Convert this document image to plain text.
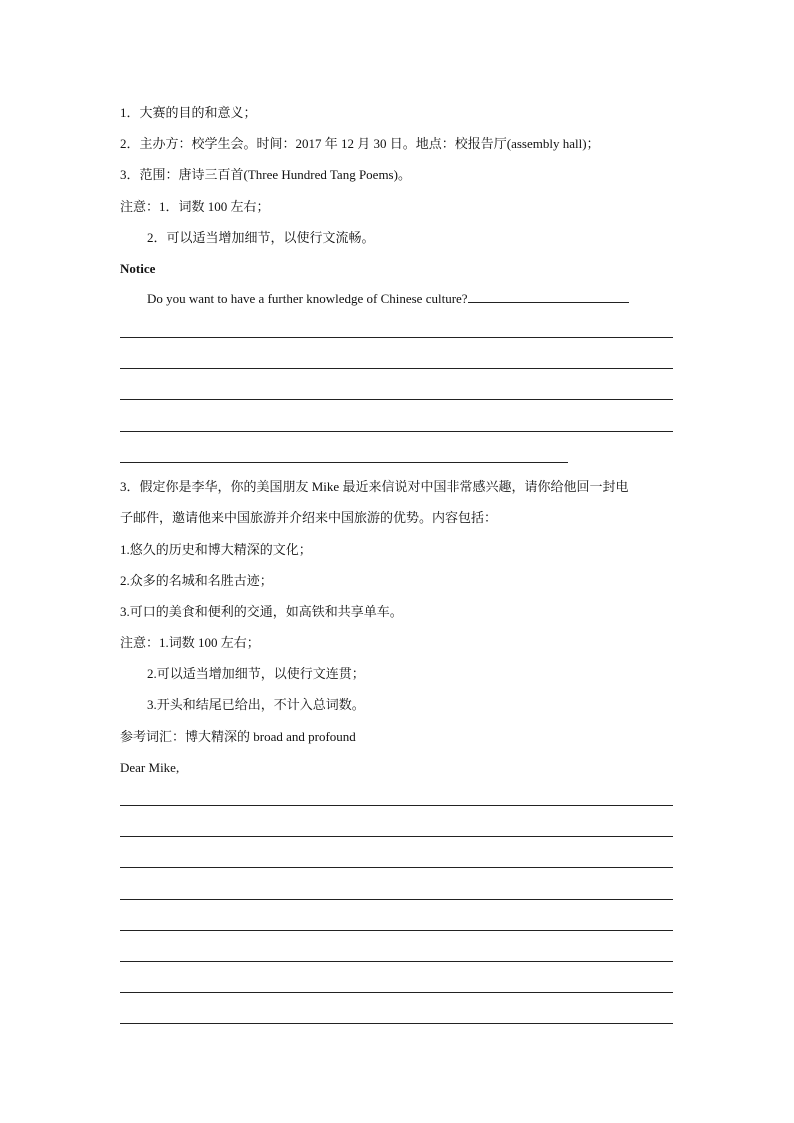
1．大赛的目的和意义；
2．主办方：校学生会。时间：2017 年 12 月 30 日。地点：校报告厅(assembly hall)；
3．范围：唐诗三百首(Three Hundred Tang Poems)。
注意：1．词数 100 左右；
2．可以适当增加细节，以使行文流畅。
Notice
Do you want to have a further knowledge of Chinese culture?
3．假定你是李华，你的美国朋友 Mike 最近来信说对中国非常感兴趣，请你给他回一封电
子邮件，邀请他来中国旅游并介绍来中国旅游的优势。内容包括：
1.悠久的历史和博大精深的文化；
2.众多的名城和名胜古迹；
3.可口的美食和便利的交通，如高铁和共享单车。
注意：1.词数 100 左右；
2.可以适当增加细节，以使行文连贯；
3.开头和结尾已给出，不计入总词数。
参考词汇：博大精深的 broad and profound
Dear Mike,
